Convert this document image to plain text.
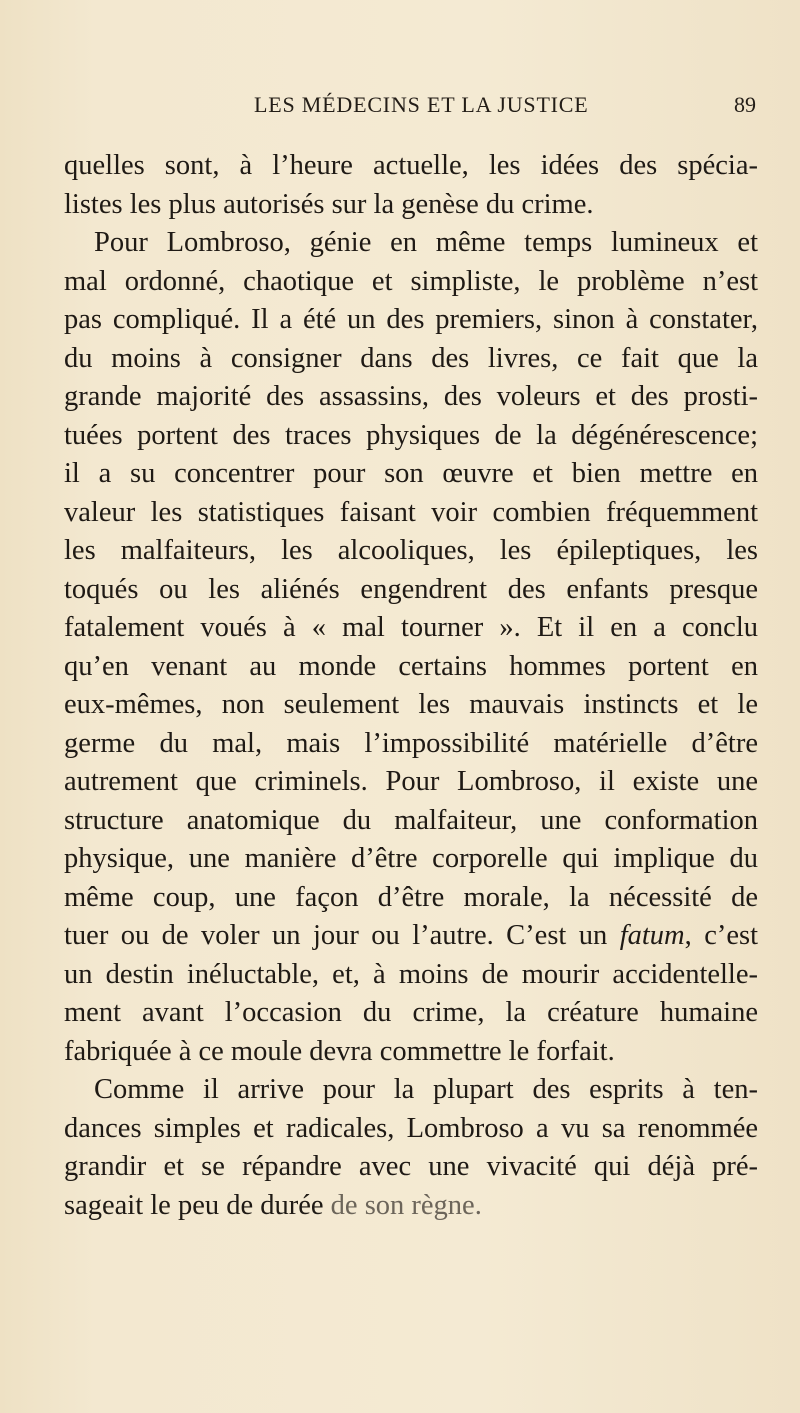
LES MÉDECINS ET LA JUSTICE	89
quelles sont, à l’heure actuelle, les idées des spécia-
listes les plus autorisés sur la genèse du crime.
Pour Lombroso, génie en même temps lumineux et
mal ordonné, chaotique et simpliste, le problème n’est
pas compliqué. Il a été un des premiers, sinon à constater,
du moins à consigner dans des livres, ce fait que la
grande majorité des assassins, des voleurs et des prosti-
tuées portent des traces physiques de la dégénérescence;
il a su concentrer pour son œuvre et bien mettre en
valeur les statistiques faisant voir combien fréquemment
les malfaiteurs, les alcooliques, les épileptiques, les
toqués ou les aliénés engendrent des enfants presque
fatalement voués à « mal tourner ». Et il en a conclu
qu’en venant au monde certains hommes portent en
eux-mêmes, non seulement les mauvais instincts et le
germe du mal, mais l’impossibilité matérielle d’être
autrement que criminels. Pour Lombroso, il existe une
structure anatomique du malfaiteur, une conformation
physique, une manière d’être corporelle qui implique du
même coup, une façon d’être morale, la nécessité de
tuer ou de voler un jour ou l’autre. C’est un fatum, c’est
un destin inéluctable, et, à moins de mourir accidentelle-
ment avant l’occasion du crime, la créature humaine
fabriquée à ce moule devra commettre le forfait.
Comme il arrive pour la plupart des esprits à ten-
dances simples et radicales, Lombroso a vu sa renommée
grandir et se répandre avec une vivacité qui déjà pré-
sageait le peu de durée de son règne.
